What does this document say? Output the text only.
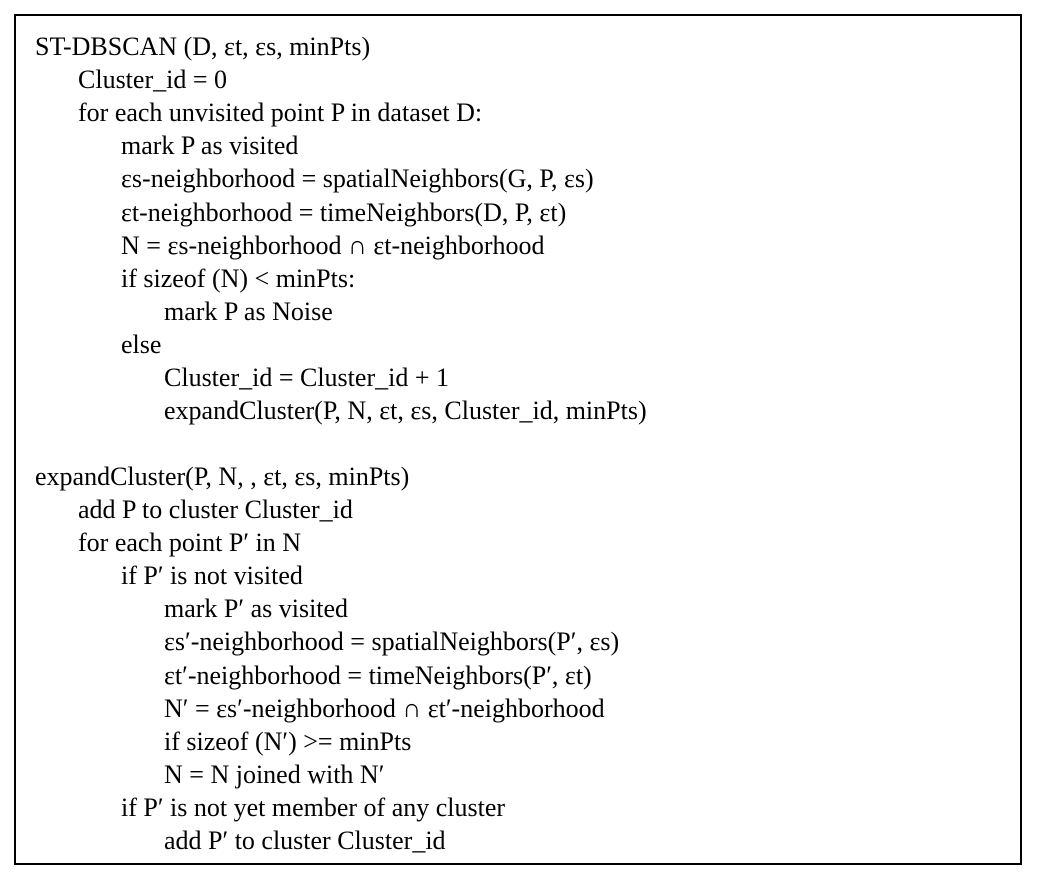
ST-DBSCAN (D, εt, εs, minPts)
Cluster_id = 0
for each unvisited point P in dataset D:
mark P as visited
εs-neighborhood = spatialNeighbors(G, P, εs)
εt-neighborhood = timeNeighbors(D, P, εt)
N = εs-neighborhood ∩ εt-neighborhood
if sizeof (N) < minPts:
mark P as Noise
else
Cluster_id = Cluster_id + 1
expandCluster(P, N, εt, εs, Cluster_id, minPts)
expandCluster(P, N, , εt, εs, minPts)
add P to cluster Cluster_id
for each point P′ in N
if P′ is not visited
mark P′ as visited
εs′-neighborhood = spatialNeighbors(P′, εs)
εt′-neighborhood = timeNeighbors(P′, εt)
N′ = εs′-neighborhood ∩ εt′-neighborhood
if sizeof (N′) >= minPts
N = N joined with N′
if P′ is not yet member of any cluster
add P′ to cluster Cluster_id
